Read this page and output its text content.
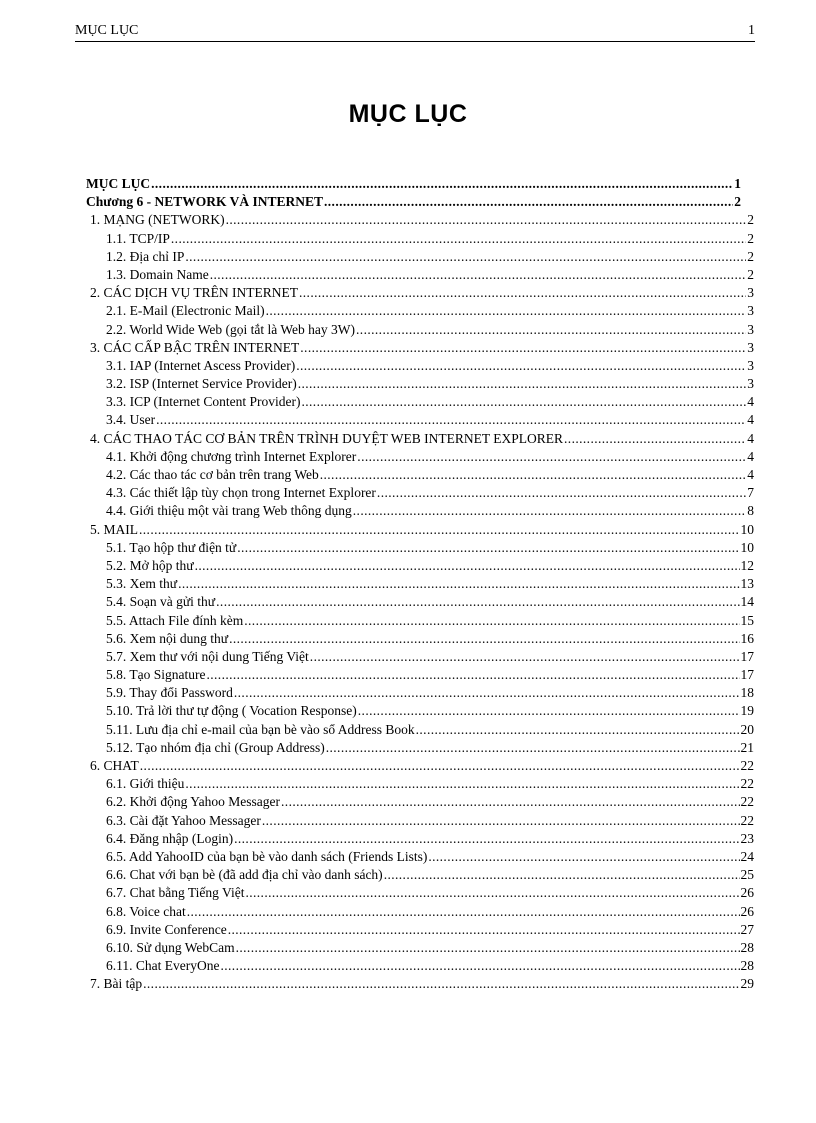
MỤC LỤC	1
MỤC LỤC
MỤC LỤC .....	1
Chương 6 - NETWORK VÀ INTERNET .....	2
1. MẠNG (NETWORK) .....	2
1.1. TCP/IP .....	2
1.2. Địa chỉ IP .....	2
1.3. Domain Name .....	2
2. CÁC DỊCH VỤ TRÊN INTERNET .....	3
2.1. E-Mail (Electronic Mail) .....	3
2.2. World Wide Web (gọi tắt là Web hay 3W) .....	3
3. CÁC CẤP BẬC TRÊN INTERNET .....	3
3.1. IAP (Internet Ascess Provider) .....	3
3.2. ISP (Internet Service Provider) .....	3
3.3. ICP (Internet Content Provider) .....	4
3.4. User .....	4
4. CÁC THAO TÁC CƠ BẢN TRÊN TRÌNH DUYỆT WEB INTERNET EXPLORER .....	4
4.1. Khởi động chương trình Internet Explorer .....	4
4.2. Các thao tác cơ bản trên trang Web .....	4
4.3. Các thiết lập tùy chọn trong Internet Explorer .....	7
4.4. Giới thiệu một vài trang Web thông dụng .....	8
5. MAIL .....	10
5.1. Tạo hộp thư điện tử .....	10
5.2. Mở hộp thư .....	12
5.3. Xem thư .....	13
5.4. Soạn và gửi thư .....	14
5.5. Attach File đính kèm .....	15
5.6. Xem nội dung thư .....	16
5.7. Xem thư với nội dung Tiếng Việt .....	17
5.8. Tạo Signature .....	17
5.9. Thay đổi Password .....	18
5.10. Trả lời thư tự động ( Vocation Response) .....	19
5.11. Lưu địa chỉ e-mail của bạn bè vào sổ Address Book .....	20
5.12. Tạo nhóm địa chỉ (Group Address) .....	21
6. CHAT .....	22
6.1. Giới thiệu .....	22
6.2. Khởi động Yahoo Messager .....	22
6.3. Cài đặt Yahoo Messager .....	22
6.4. Đăng nhập (Login) .....	23
6.5. Add YahooID của bạn bè vào danh sách (Friends Lists) .....	24
6.6. Chat với bạn bè (đã add địa chỉ vào danh sách) .....	25
6.7. Chat bằng Tiếng Việt .....	26
6.8. Voice chat .....	26
6.9. Invite Conference .....	27
6.10. Sử dụng WebCam .....	28
6.11. Chat EveryOne .....	28
7. Bài tập .....	29
